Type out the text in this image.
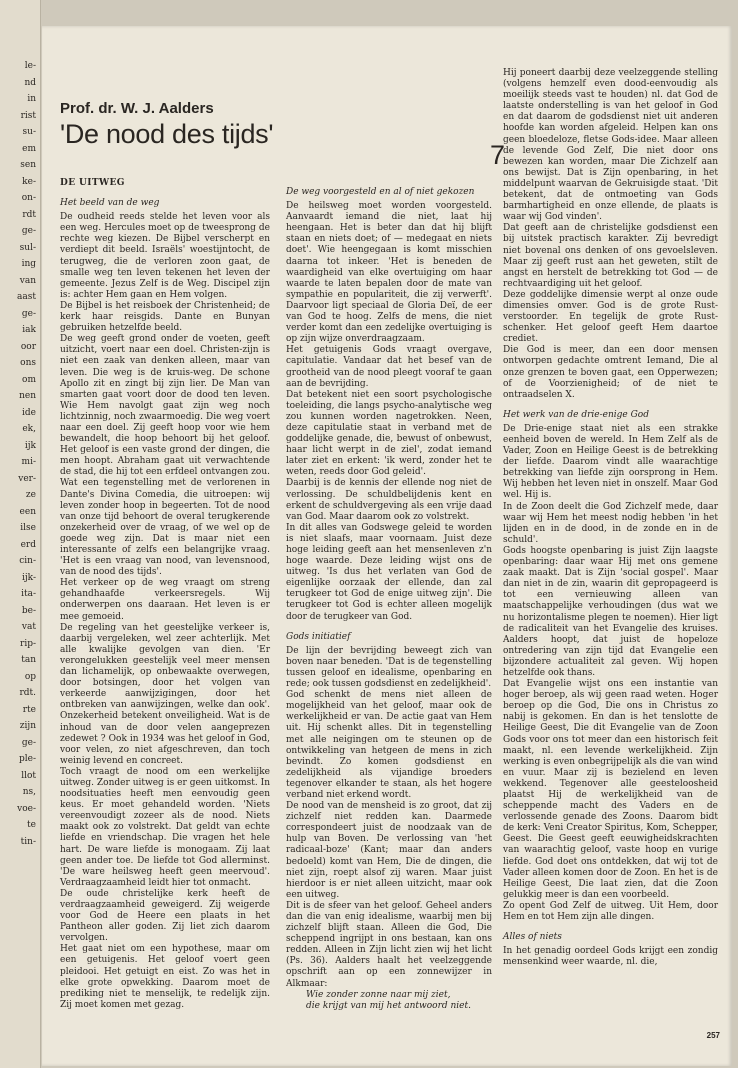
le-
nd
in
rist
su-
em
sen
ke-
on-
rdt
ge-
sul-
ing
van
aast
ge-
iak
oor
ons
om
nen
ide
ek,
ijk
mi-
ver-
ze
een
ilse
erd
cin-
ijk-
ita-
be-
vat
rip-
tan
op
rdt.
rte
zijn
ge-
ple-
llot
ns,
voe-
te
tin-

Prof. dr. W. J. Aalders

'De nood des tijds'
7

DE UITWEG

Het beeld van de weg

De oudheid reeds stelde het leven voor als een weg. Hercules moet op de tweesprong de rechte weg kiezen. De Bijbel verscherpt en verdiept dit beeld. Israëls' woestijntocht, de terugweg, die de verloren zoon gaat, de smalle weg ten leven tekenen het leven der gemeente. Jezus Zelf is de Weg. Discipel zijn is: achter Hem gaan en Hem volgen.

De Bijbel is het reisboek der Christenheid; de kerk haar reisgids. Dante en Bunyan gebruiken hetzelfde beeld.

De weg geeft grond onder de voeten, geeft uitzicht, voert naar een doel. Christen-zijn is niet een zaak van denken alleen, maar van leven. Die weg is de kruis-weg. De schone Apollo zit en zingt bij zijn lier. De Man van smarten gaat voort door de dood ten leven. Wie Hem navolgt gaat zijn weg noch lichtzinnig, noch zwaarmoedig. Die weg voert naar een doel. Zij geeft hoop voor wie hem bewandelt, die hoop behoort bij het geloof. Het geloof is een vaste grond der dingen, die men hoopt. Abraham gaat uit verwachtende de stad, die hij tot een erfdeel ontvangen zou. Wat een tegenstelling met de verlorenen in Dante's Divina Comedia, die uitroepen: wij leven zonder hoop in begeerten. Tot de nood van onze tijd behoort de overal terugkerende onzekerheid over de vraag, of we wel op de goede weg zijn. Dat is maar niet een interessante of zelfs een belangrijke vraag. 'Het is een vraag van nood, van levensnood, van de nood des tijds'.

Het verkeer op de weg vraagt om streng gehandhaafde verkeersregels. Wij onderwerpen ons daaraan. Het leven is er mee gemoeid.

De regeling van het geestelijke verkeer is, daarbij vergeleken, wel zeer achterlijk. Met alle kwalijke gevolgen van dien. 'Er verongelukken geestelijk veel meer mensen dan lichamelijk, op onbewaakte overwegen, door botsingen, door het volgen van verkeerde aanwijzigingen, door het ontbreken van aanwijzingen, welke dan ook'. Onzekerheid betekent onveiligheid. Wat is de inhoud van de door velen aangeprezen zedewet ? Ook in 1934 was het geloof in God, voor velen, zo niet afgeschreven, dan toch weinig levend en concreet.

Toch vraagt de nood om een werkelijke uitweg. Zonder uitweg is er geen uitkomst. In noodsituaties heeft men eenvoudig geen keus. Er moet gehandeld worden. 'Niets vereenvoudigt zozeer als de nood. Niets maakt ook zo volstrekt. Dat geldt van echte liefde en vriendschap. Die vragen het hele hart. De ware liefde is monogaam. Zij laat geen ander toe. De liefde tot God allerminst. 'De ware heilsweg heeft geen meervoud'. Verdraagzaamheid leidt hier tot onmacht.

De oude christelijke kerk heeft de verdraagzaamheid geweigerd. Zij weigerde voor God de Heere een plaats in het Pantheon aller goden. Zij liet zich daarom vervolgen.

Het gaat niet om een hypothese, maar om een getuigenis. Het geloof voert geen pleidooi. Het getuigt en eist. Zo was het in elke grote opwekking. Daarom moet de prediking niet te menselijk, te redelijk zijn. Zij moet komen met gezag.

De weg voorgesteld en al of niet gekozen

De heilsweg moet worden voorgesteld. Aanvaardt iemand die niet, laat hij heengaan. Het is beter dan dat hij blijft staan en niets doet; of — medegaat en niets doet'. Wie heengegaan is komt misschien daarna tot inkeer. 'Het is beneden de waardigheid van elke overtuiging om haar waarde te laten bepalen door de mate van sympathie en populariteit, die zij verwerft'. Daarvoor ligt speciaal de Gloria Deï, de eer van God te hoog. Zelfs de mens, die niet verder komt dan een zedelijke overtuiging is op zijn wijze onverdraagzaam.

Het getuigenis Gods vraagt overgave, capitulatie. Vandaar dat het besef van de grootheid van de nood pleegt vooraf te gaan aan de bevrijding.

Dat betekent niet een soort psychologische toeleiding, die langs psycho-analytische weg zou kunnen worden nagetrokken. Neen, deze capitulatie staat in verband met de goddelijke genade, die, bewust of onbewust, haar licht werpt in de ziel', zodat iemand later ziet en erkent: 'ik werd, zonder het te weten, reeds door God geleid'.

Daarbij is de kennis der ellende nog niet de verlossing. De schuldbelijdenis kent en erkent de schuldvergeving als een vrije daad van God. Maar daarom ook zo volstrekt.

In dit alles van Godswege geleid te worden is niet slaafs, maar voornaam. Juist deze hoge leiding geeft aan het mensenleven z'n hoge waarde. Deze leiding wijst ons de uitweg. 'Is dus het verlaten van God de eigenlijke oorzaak der ellende, dan zal terugkeer tot God de enige uitweg zijn'. Die terugkeer tot God is echter alleen mogelijk door de terugkeer van God.

Gods initiatief

De lijn der bevrijding beweegt zich van boven naar beneden. 'Dat is de tegenstelling tussen geloof en idealisme, openbaring en rede; ook tussen godsdienst en zedelijkheid'.

God schenkt de mens niet alleen de mogelijkheid van het geloof, maar ook de werkelijkheid er van. De actie gaat van Hem uit. Hij schenkt alles. Dit in tegenstelling met alle neigingen om te steunen op de ontwikkeling van hetgeen de mens in zich bevindt. Zo komen godsdienst en zedelijkheid als vijandige broeders tegenover elkander te staan, als het hogere verband niet erkend wordt.

De nood van de mensheid is zo groot, dat zij zichzelf niet redden kan. Daarmede correspondeert juist de noodzaak van de hulp van Boven. De verlossing van 'het radicaal-boze' (Kant; maar dan anders bedoeld) komt van Hem, Die de dingen, die niet zijn, roept alsof zij waren. Maar juist hierdoor is er niet alleen uitzicht, maar ook een uitweg.

Dit is de sfeer van het geloof. Geheel anders dan die van enig idealisme, waarbij men bij zichzelf blijft staan. Alleen die God, Die scheppend ingrijpt in ons bestaan, kan ons redden. Alleen in Zijn licht zien wij het licht (Ps. 36). Aalders haalt het veelzeggende opschrift aan op een zonnewijzer in Alkmaar:

Wie zonder zonne naar mij ziet,

die krijgt van mij het antwoord niet.

Hij poneert daarbij deze veelzeggende stelling (volgens hemzelf even dood-eenvoudig als moeilijk steeds vast te houden) nl. dat God de laatste onderstelling is van het geloof in God en dat daarom de godsdienst niet uit anderen hoofde kan worden afgeleid. Helpen kan ons geen bloedeloze, fletse Gods-idee. Maar alleen de levende God Zelf, Die niet door ons bewezen kan worden, maar Die Zichzelf aan ons bewijst. Dat is Zijn openbaring, in het middelpunt waarvan de Gekruisigde staat. 'Dit betekent, dat de ontmoeting van Gods barmhartigheid en onze ellende, de plaats is waar wij God vinden'.

Dat geeft aan de christelijke godsdienst een bij uitstek practisch karakter. Zij bevredigt niet bovenal ons denken of ons gevoelsleven. Maar zij geeft rust aan het geweten, stilt de angst en herstelt de betrekking tot God — de rechtvaardiging uit het geloof.

Deze goddelijke dimensie werpt al onze oude dimensies omver. God is de grote Rust-verstoorder. En tegelijk de grote Rust-schenker. Het geloof geeft Hem daartoe crediet.

Die God is meer, dan een door mensen ontworpen gedachte omtrent Iemand, Die al onze grenzen te boven gaat, een Opperwezen; of de Voorzienigheid; of de niet te ontraadselen X.

Het werk van de drie-enige God

De Drie-enige staat niet als een strakke eenheid boven de wereld. In Hem Zelf als de Vader, Zoon en Heilige Geest is de betrekking der liefde. Daarom vindt alle waarachtige betrekking van liefde zijn oorsprong in Hem. Wij hebben het leven niet in onszelf. Maar God wel. Hij is.

In de Zoon deelt die God Zichzelf mede, daar waar wij Hem het meest nodig hebben 'in het lijden en in de dood, in de zonde en in de schuld'.

Gods hoogste openbaring is juist Zijn laagste openbaring: daar waar Hij met ons gemene zaak maakt. Dat is Zijn 'social gospel'. Maar dan niet in de zin, waarin dit gepropageerd is tot een vernieuwing alleen van maatschappelijke verhoudingen (dus wat we nu horizontalisme plegen te noemen). Hier ligt de radicaliteit van het Evangelie des kruises. Aalders hoopt, dat juist de hopeloze ontredering van zijn tijd dat Evangelie een bijzondere actualiteit zal geven. Wij hopen hetzelfde ook thans.

Dat Evangelie wijst ons een instantie van hoger beroep, als wij geen raad weten. Hoger beroep op die God, Die ons in Christus zo nabij is gekomen. En dan is het tenslotte de Heilige Geest, Die dit Evangelie van de Zoon Gods voor ons tot meer dan een historisch feit maakt, nl. een levende werkelijkheid. Zijn werking is even onbegrijpelijk als die van wind en vuur. Maar zij is bezielend en leven wekkend. Tegenover alle geesteloosheid plaatst Hij de werkelijkheid van de scheppende macht des Vaders en de verlossende genade des Zoons. Daarom bidt de kerk: Veni Creator Spiritus, Kom, Schepper, Geest. Die Geest geeft eeuwigheidskrachten van waarachtig geloof, vaste hoop en vurige liefde. God doet ons ontdekken, dat wij tot de Vader alleen komen door de Zoon. En het is de Heilige Geest, Die laat zien, dat die Zoon gelukkig meer is dan een voorbeeld.

Zo opent God Zelf de uitweg. Uit Hem, door Hem en tot Hem zijn alle dingen.

Alles of niets

In het genadig oordeel Gods krijgt een zondig mensenkind weer waarde, nl. die,

257
